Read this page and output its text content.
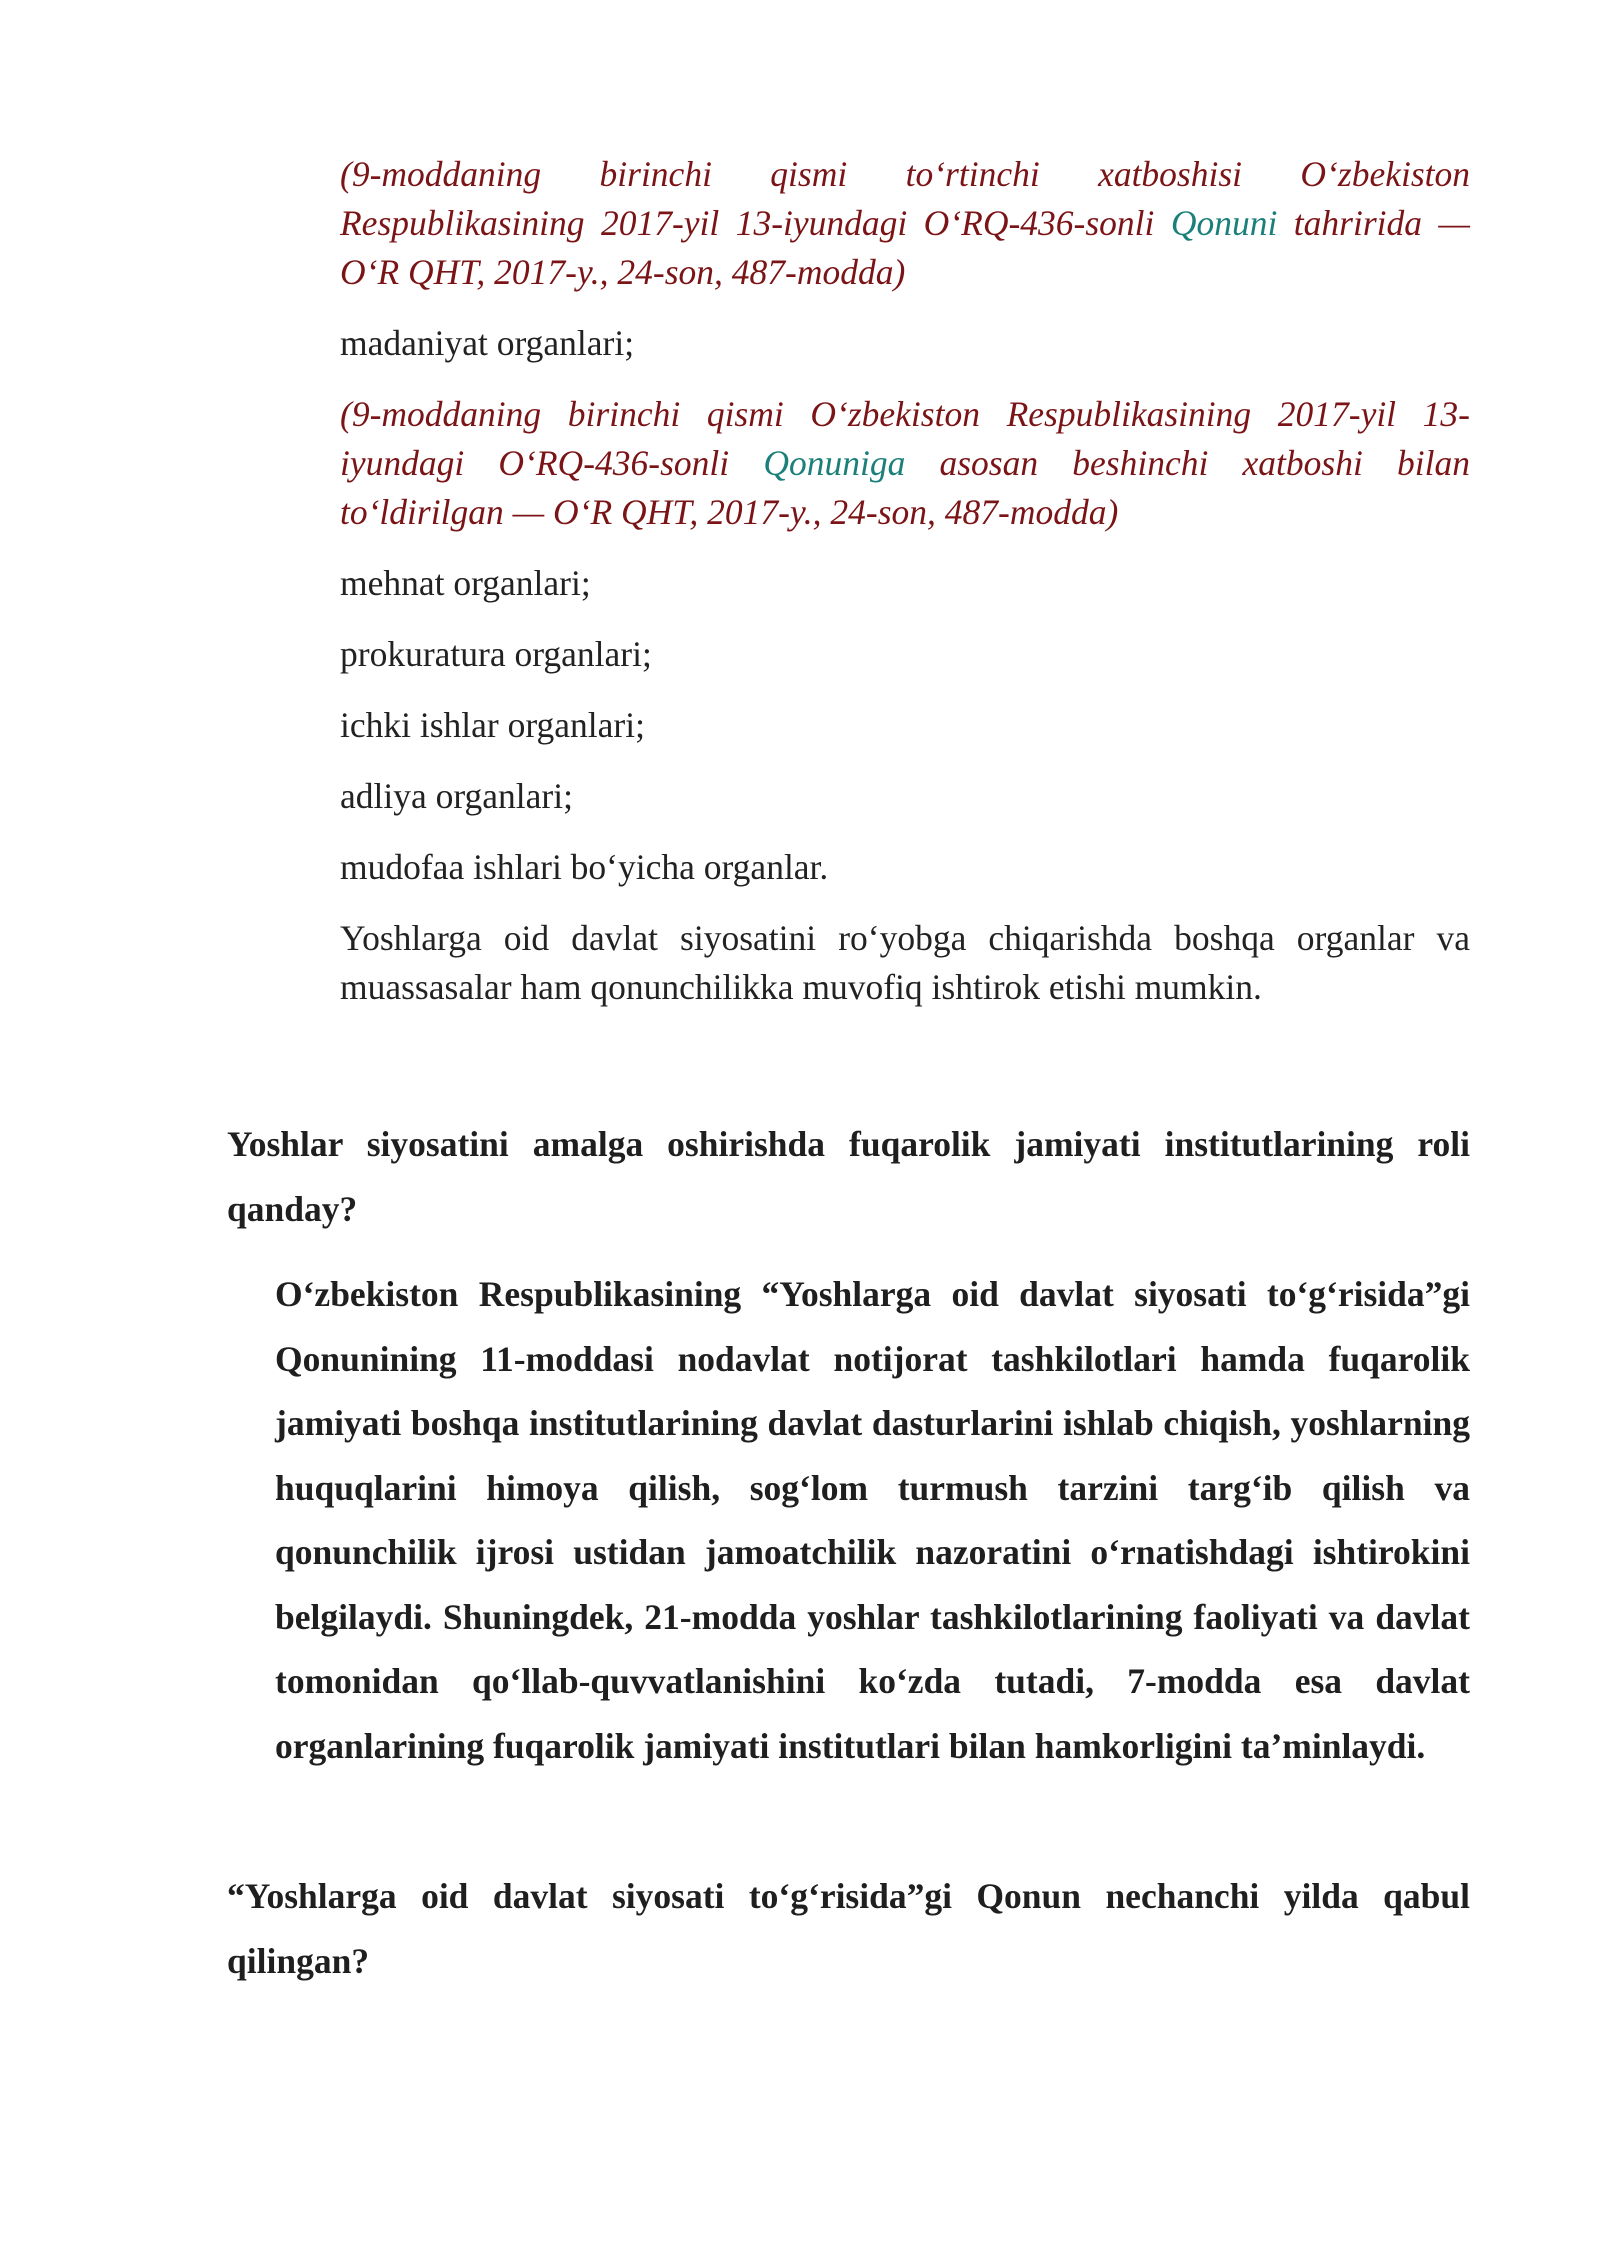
(9-moddaning birinchi qismi to‘rtinchi xatboshisi O‘zbekiston Respublikasining 2017-yil 13-iyundagi O‘RQ-436-sonli Qonuni tahririda — O‘R QHT, 2017-y., 24-son, 487-modda)

madaniyat organlari;

(9-moddaning birinchi qismi O‘zbekiston Respublikasining 2017-yil 13-iyundagi O‘RQ-436-sonli Qonuniga asosan beshinchi xatboshi bilan to‘ldirilgan — O‘R QHT, 2017-y., 24-son, 487-modda)

mehnat organlari;

prokuratura organlari;

ichki ishlar organlari;

adliya organlari;

mudofaa ishlari bo‘yicha organlar.

Yoshlarga oid davlat siyosatini ro‘yobga chiqarishda boshqa organlar va muassasalar ham qonunchilikka muvofiq ishtirok etishi mumkin.

Yoshlar siyosatini amalga oshirishda fuqarolik jamiyati institutlarining roli qanday?

O‘zbekiston Respublikasining “Yoshlarga oid davlat siyosati to‘g‘risida”gi Qonunining 11-moddasi nodavlat notijorat tashkilotlari hamda fuqarolik jamiyati boshqa institutlarining davlat dasturlarini ishlab chiqish, yoshlarning huquqlarini himoya qilish, sog‘lom turmush tarzini targ‘ib qilish va qonunchilik ijrosi ustidan jamoatchilik nazoratini o‘rnatishdagi ishtirokini belgilaydi. Shuningdek, 21-modda yoshlar tashkilotlarining faoliyati va davlat tomonidan qo‘llab-quvvatlanishini ko‘zda tutadi, 7-modda esa davlat organlarining fuqarolik jamiyati institutlari bilan hamkorligini ta’minlaydi.

“Yoshlarga oid davlat siyosati to‘g‘risida”gi Qonun nechanchi yilda qabul qilingan?
